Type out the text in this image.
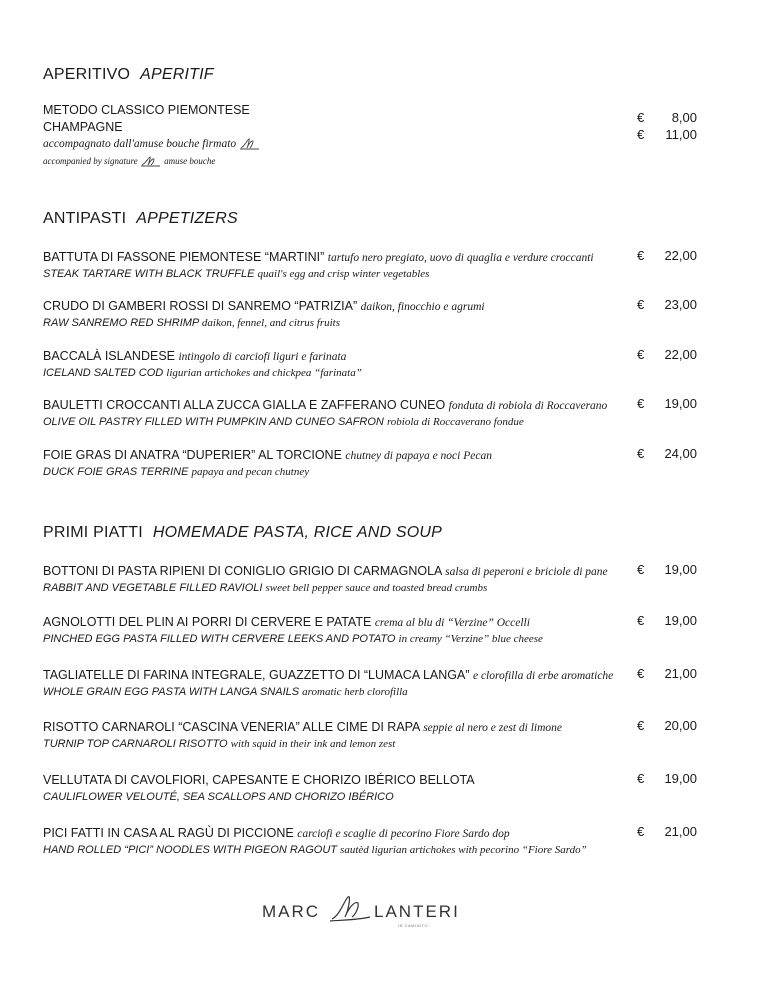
APERITIVO APERITIF
METODO CLASSICO PIEMONTESE
CHAMPAGNE
accompagnato dall'amuse bouche firmato
accompanied by signature	amuse bouche
€ 8,00
€ 11,00
ANTIPASTI APPETIZERS
BATTUTA DI FASSONE PIEMONTESE “MARTINI” tartufo nero pregiato, uovo di quaglia e verdure croccanti
STEAK TARTARE WITH BLACK TRUFFLE quail's egg and crisp winter vegetables
€ 22,00
CRUDO DI GAMBERI ROSSI DI SANREMO “PATRIZIA” daikon, finocchio e agrumi
RAW SANREMO RED SHRIMP daikon, fennel, and citrus fruits
€ 23,00
BACCALÀ ISLANDESE intingolo di carciofi liguri e farinata
ICELAND SALTED COD ligurian artichokes and chickpea “farinata”
€ 22,00
BAULETTI CROCCANTI ALLA ZUCCA GIALLA E ZAFFERANO CUNEO fonduta di robiola di Roccaverano
OLIVE OIL PASTRY FILLED WITH PUMPKIN AND CUNEO SAFRON robiola di Roccaverano fondue
€ 19,00
FOIE GRAS DI ANATRA “DUPERIER” AL TORCIONE chutney di papaya e noci Pecan
DUCK FOIE GRAS TERRINE papaya and pecan chutney
€ 24,00
PRIMI PIATTI HOMEMADE PASTA, RICE AND SOUP
BOTTONI DI PASTA RIPIENI DI CONIGLIO GRIGIO DI CARMAGNOLA salsa di peperoni e briciole di pane
RABBIT AND VEGETABLE FILLED RAVIOLI sweet bell pepper sauce and toasted bread crumbs
€ 19,00
AGNOLOTTI DEL PLIN AI PORRI DI CERVERE E PATATE crema al blu di “Verzine” Occelli
PINCHED EGG PASTA FILLED WITH CERVERE LEEKS AND POTATO in creamy “Verzine” blue cheese
€ 19,00
TAGLIATELLE DI FARINA INTEGRALE, GUAZZETTO DI “LUMACA LANGA” e clorofilla di erbe aromatiche
WHOLE GRAIN EGG PASTA WITH LANGA SNAILS aromatic herb clorofilla
€ 21,00
RISOTTO CARNAROLI “CASCINA VENERIA” ALLE CIME DI RAPA seppie al nero e zest di limone
TURNIP TOP CARNAROLI RISOTTO with squid in their ink and lemon zest
€ 20,00
VELLUTATA DI CAVOLFIORI, CAPESANTE E CHORIZO IBÉRICO BELLOTA
CAULIFLOWER VELOUTÉ, SEA SCALLOPS AND CHORIZO IBÉRICO
€ 19,00
PICI FATTI IN CASA AL RAGÙ DI PICCIONE carciofi e scaglie di pecorino Fiore Sardo dop
HAND ROLLED “PICI” NOODLES WITH PIGEON RAGOUT sautèd ligurian artichokes with pecorino “Fiore Sardo”
€ 21,00
MARC	LANTERI
IN CAMINITO
